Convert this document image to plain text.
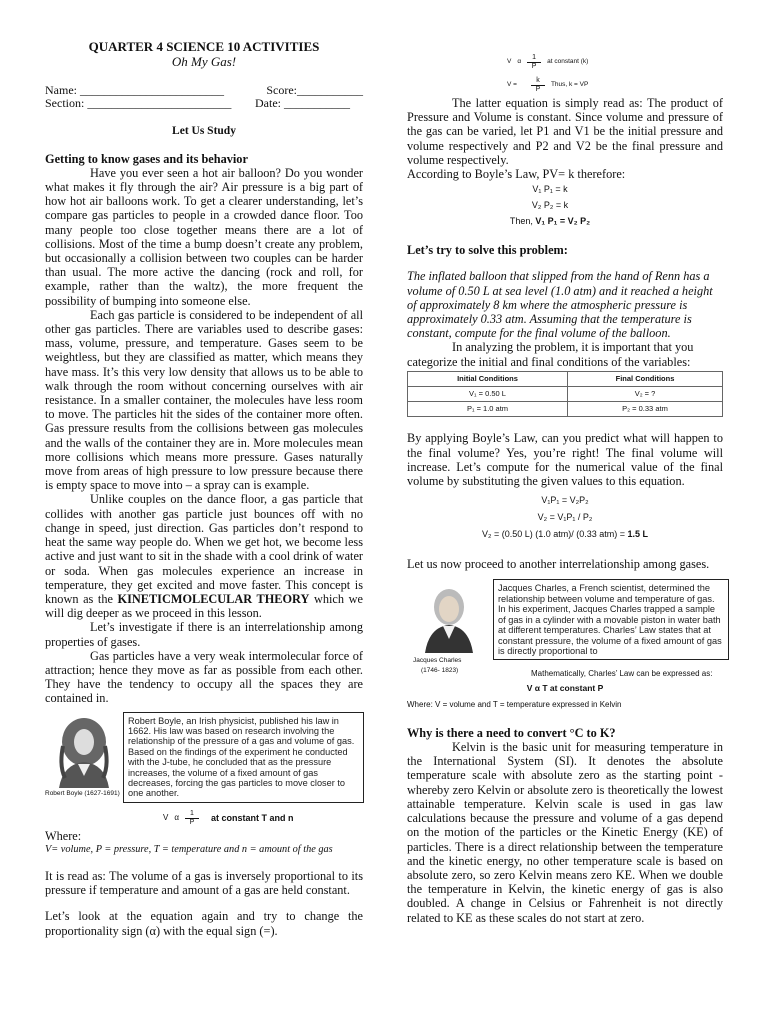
QUARTER 4 SCIENCE 10 ACTIVITIES

Oh My Gas!

Name: ________________________	Score:___________
Section: ________________________ Date: ___________

Let Us Study

Getting to know gases and its behavior

Have you ever seen a hot air balloon? Do you wonder what makes it fly through the air? Air pressure is a big part of how hot air balloons work. To get a clearer understanding, let’s compare gas particles to people in a crowded dance floor. Too many people too close together means there are a lot of collisions. Most of the time a bump doesn’t create any problem, but occasionally a collision between two couples can be harder than usual. The more active the dancing (rock and roll, for example, rather than the waltz), the more frequent the possibility of bumping into someone else.

Each gas particle is considered to be independent of all other gas particles. There are variables used to describe gases: mass, volume, pressure, and temperature. Gases seem to be weightless, but they are classified as matter, which means they have mass. It’s this very low density that allows us to be able to walk through the room without concerning ourselves with air resistance. In a smaller container, the molecules have less room to move. The particles hit the sides of the container more often. Gas pressure results from the collisions between gas molecules and the walls of the container they are in. More molecules mean more collisions which means more pressure. Gases naturally move from areas of high pressure to low pressure because there is empty space to move into – a spray can is example.

Unlike couples on the dance floor, a gas particle that collides with another gas particle just bounces off with no change in speed, just direction. Gas particles don’t respond to heat the same way people do. When we get hot, we become less active and just want to sit in the shade with a cool drink of water or soda. When gas molecules experience an increase in temperature, they get excited and move faster. This concept is known as the KINETICMOLECULAR THEORY which we will dig deeper as we proceed in this lesson.

Let’s investigate if there is an interrelationship among properties of gases.

Gas particles have a very weak intermolecular force of attraction; hence they move as far as possible from each other. They have the tendency to occupy all the spaces they are contained in.

Robert Boyle (1627-1691)
Robert Boyle, an Irish physicist, published his law in 1662. His law was based on research involving the relationship of the pressure of a gas and volume of gas. Based on the findings of the experiment he conducted with the J-tube, he concluded that as the pressure increases, the volume of a fixed amount of gas decreases, forcing the gas particles to move closer to one another.
V α $\frac{1}{P}$ at constant T and n

Where:

V= volume, P = pressure, T = temperature and n = amount of the gas

It is read as: The volume of a gas is inversely proportional to its pressure if temperature and amount of a gas are held constant.

Let’s look at the equation again and try to change the proportionality sign (α) with the equal sign (=).

V α $\frac{1}{P}$ at constant (k)
$V = \frac{k}{P}$ Thus, k = VP

The latter equation is simply read as: The product of Pressure and Volume is constant. Since volume and pressure of the gas can be varied, let P1 and V1 be the initial pressure and volume respectively and P2 and V2 be the final pressure and volume respectively.

According to Boyle’s Law, PV= k therefore:

V₁ P₁ = k

V₂ P₂ = k

Then, V₁ P₁ = V₂ P₂

Let’s try to solve this problem:

The inflated balloon that slipped from the hand of Renn has a volume of 0.50 L at sea level (1.0 atm) and it reached a height of approximately 8 km where the atmospheric pressure is approximately 0.33 atm. Assuming that the temperature is constant, compute for the final volume of the balloon.

In analyzing the problem, it is important that you categorize the initial and final conditions of the variables:

Initial Conditions	Final Conditions
V₁ = 0.50 L	V₂ = ?
P₁ = 1.0 atm	P₂ = 0.33 atm

By applying Boyle’s Law, can you predict what will happen to the final volume? Yes, you’re right! The final volume will increase. Let’s compute for the numerical value of the final volume by substituting the given values to this equation.

V₁P₁ = V₂P₂

V₂ = V₁P₁ / P₂

V₂ = (0.50 L) (1.0 atm)/ (0.33 atm) = 1.5 L

Let us now proceed to another interrelationship among gases.

Jacques Charles
(1746- 1823)
Jacques Charles, a French scientist, determined the relationship between volume and temperature of gas. In his experiment, Jacques Charles trapped a sample of gas in a cylinder with a movable piston in water bath at different temperatures. Charles’ Law states that at constant pressure, the volume of a fixed amount of gas is directly proportional to
Mathematically, Charles’ Law can be expressed as:

V α T at constant P

Where: V = volume and T = temperature expressed in Kelvin

Why is there a need to convert °C to K?

Kelvin is the basic unit for measuring temperature in the International System (SI). It denotes the absolute temperature scale with absolute zero as the starting point - whereby zero Kelvin or absolute zero is theoretically the lowest attainable temperature. Kelvin scale is used in gas law calculations because the pressure and volume of a gas depend on the motion of the particles or the Kinetic Energy (KE) of particles. There is a direct relationship between the temperature and the kinetic energy, no other temperature scale is based on absolute zero, so zero Kelvin means zero KE. When we double the temperature in Kelvin, the kinetic energy of gas is also doubled. A change in Celsius or Fahrenheit is not directly related to KE as these scales do not start at zero.
